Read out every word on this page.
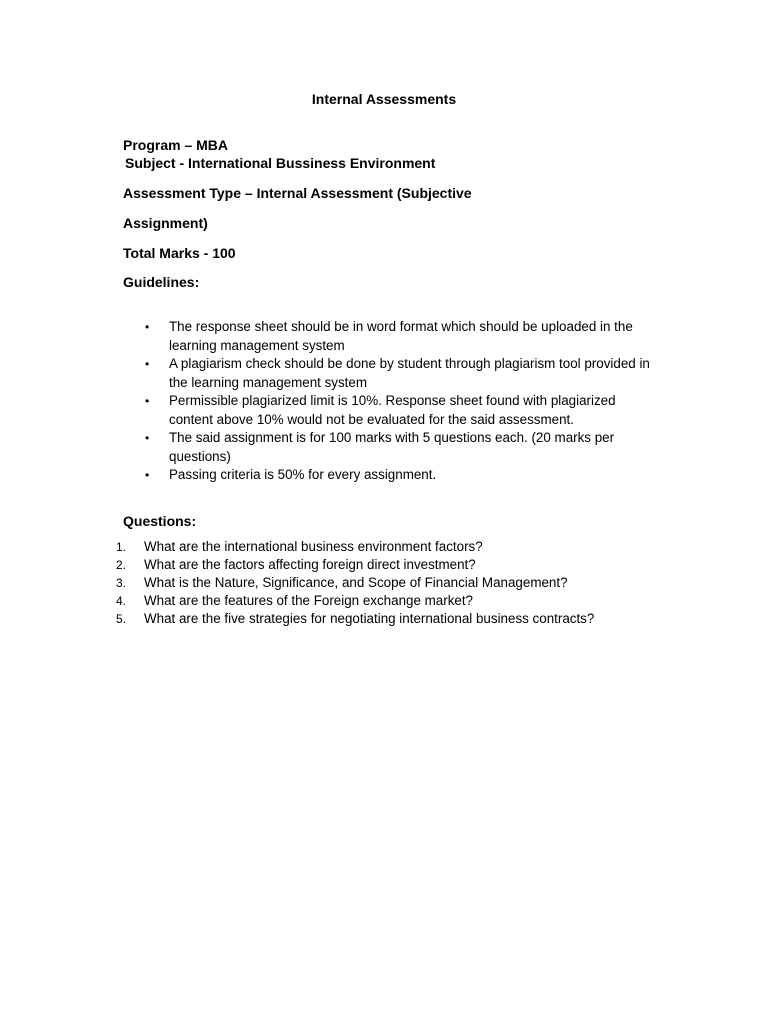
Internal Assessments
Program – MBA
Subject - International Bussiness Environment
Assessment Type – Internal Assessment (Subjective
Assignment)
Total Marks - 100
Guidelines:
•	The response sheet should be in word format which should be uploaded in the learning management system
•	A plagiarism check should be done by student through plagiarism tool provided in the learning management system
•	Permissible plagiarized limit is 10%. Response sheet found with plagiarized content above 10% would not be evaluated for the said assessment.
•	The said assignment is for 100 marks with 5 questions each. (20 marks per questions)
•	Passing criteria is 50% for every assignment.
Questions:
1. What are the international business environment factors?
2. What are the factors affecting foreign direct investment?
3. What is the Nature, Significance, and Scope of Financial Management?
4. What are the features of the Foreign exchange market?
5. What are the five strategies for negotiating international business contracts?
